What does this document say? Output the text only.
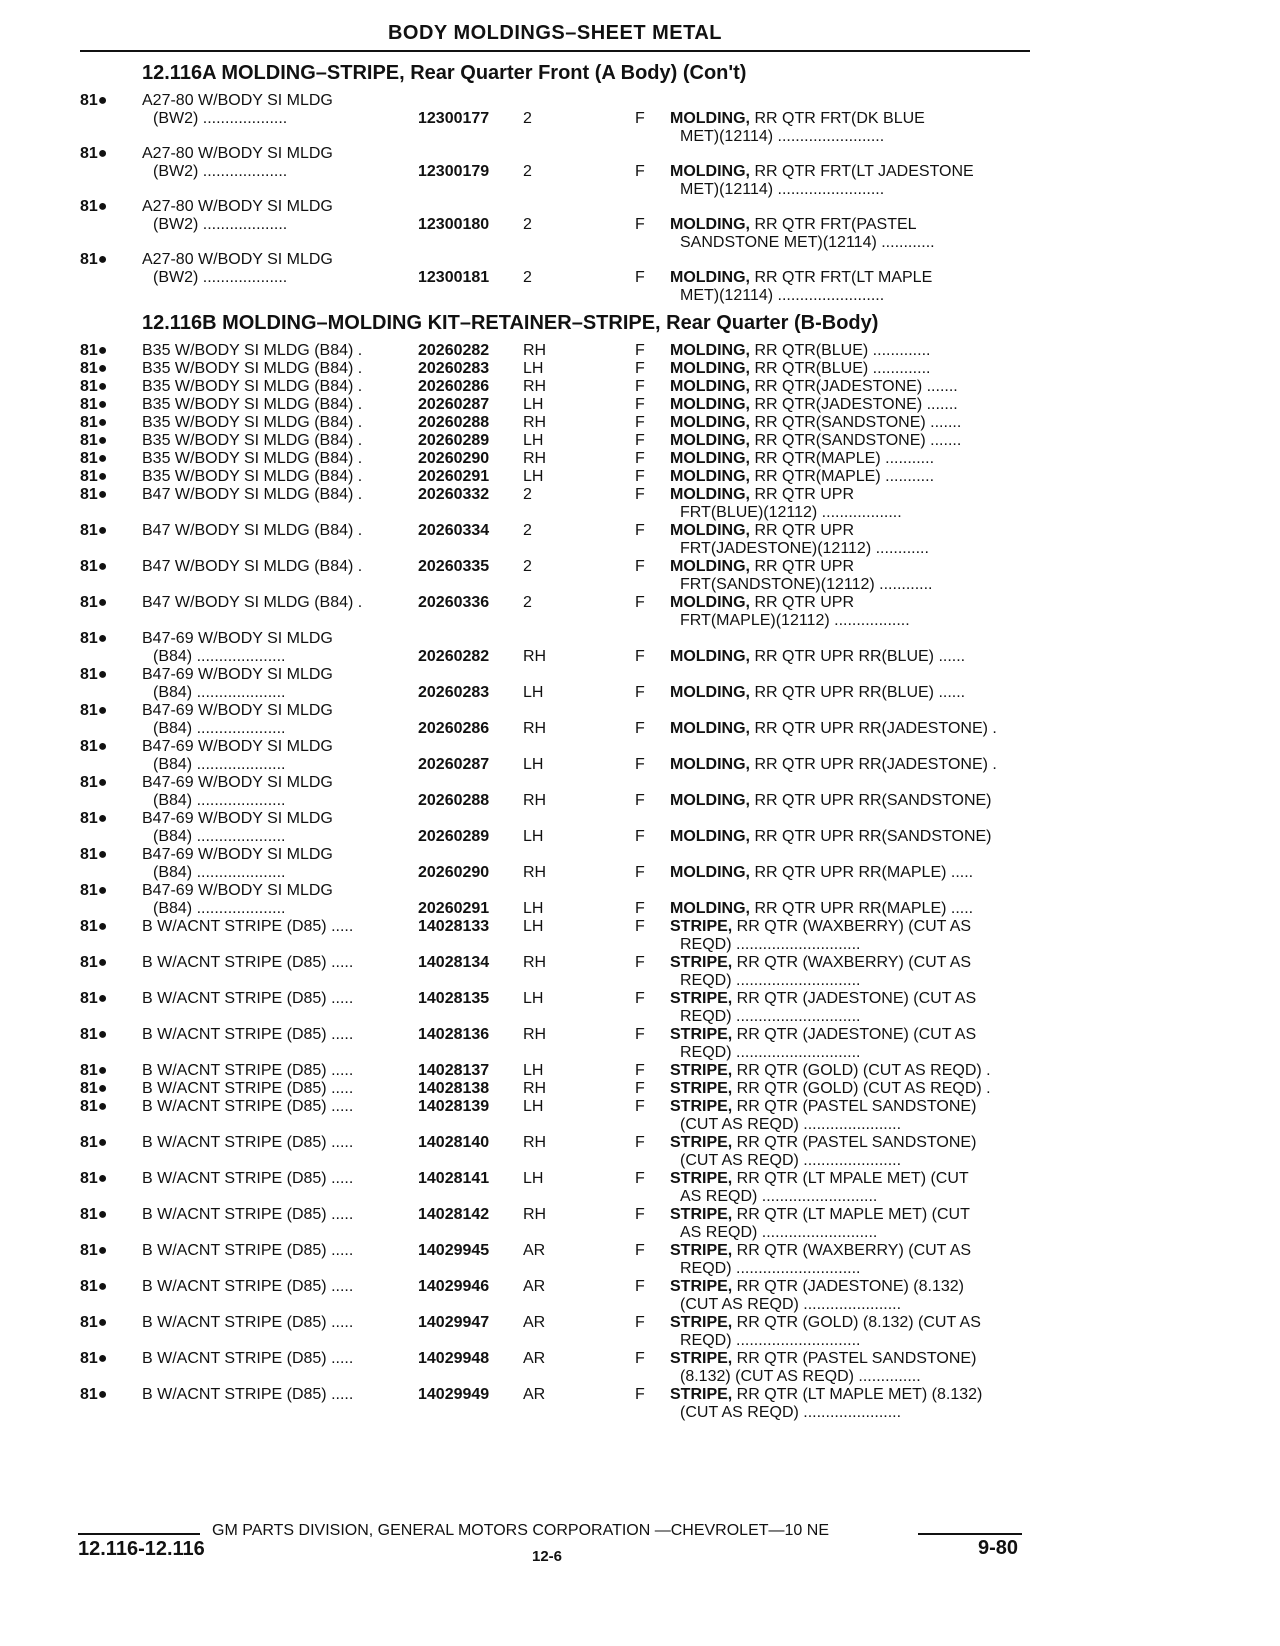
BODY MOLDINGS–SHEET METAL
12.116A MOLDING–STRIPE, Rear Quarter Front (A Body) (Con't)
81● A27-80 W/BODY SI MLDG
(BW2) ...................	12300177 2	F MOLDING, RR QTR FRT(DK BLUE
MET)(12114) ........................
81● A27-80 W/BODY SI MLDG
(BW2) ...................	12300179 2	F MOLDING, RR QTR FRT(LT JADESTONE
MET)(12114) ........................
81● A27-80 W/BODY SI MLDG
(BW2) ...................	12300180 2	F MOLDING, RR QTR FRT(PASTEL
SANDSTONE MET)(12114) ............
81● A27-80 W/BODY SI MLDG
(BW2) ...................	12300181 2	F MOLDING, RR QTR FRT(LT MAPLE
MET)(12114) ........................
12.116B MOLDING–MOLDING KIT–RETAINER–STRIPE, Rear Quarter (B-Body)
81● B35 W/BODY SI MLDG (B84) .	20260282 RH	F MOLDING, RR QTR(BLUE) .............
81● B35 W/BODY SI MLDG (B84) .	20260283 LH	F MOLDING, RR QTR(BLUE) .............
81● B35 W/BODY SI MLDG (B84) .	20260286 RH	F MOLDING, RR QTR(JADESTONE) .......
81● B35 W/BODY SI MLDG (B84) .	20260287 LH	F MOLDING, RR QTR(JADESTONE) .......
81● B35 W/BODY SI MLDG (B84) .	20260288 RH	F MOLDING, RR QTR(SANDSTONE) .......
81● B35 W/BODY SI MLDG (B84) .	20260289 LH	F MOLDING, RR QTR(SANDSTONE) .......
81● B35 W/BODY SI MLDG (B84) .	20260290 RH	F MOLDING, RR QTR(MAPLE) ...........
81● B35 W/BODY SI MLDG (B84) .	20260291 LH	F MOLDING, RR QTR(MAPLE) ...........
81● B47 W/BODY SI MLDG (B84) .	20260332 2	F MOLDING, RR QTR UPR
FRT(BLUE)(12112) ..................
81● B47 W/BODY SI MLDG (B84) .	20260334 2	F MOLDING, RR QTR UPR
FRT(JADESTONE)(12112) ............
81● B47 W/BODY SI MLDG (B84) .	20260335 2	F MOLDING, RR QTR UPR
FRT(SANDSTONE)(12112) ............
81● B47 W/BODY SI MLDG (B84) .	20260336 2	F MOLDING, RR QTR UPR
FRT(MAPLE)(12112) .................
81● B47-69 W/BODY SI MLDG
(B84) ....................	20260282 RH	F MOLDING, RR QTR UPR RR(BLUE) ......
81● B47-69 W/BODY SI MLDG
(B84) ....................	20260283 LH	F MOLDING, RR QTR UPR RR(BLUE) ......
81● B47-69 W/BODY SI MLDG
(B84) ....................	20260286 RH	F MOLDING, RR QTR UPR RR(JADESTONE) .
81● B47-69 W/BODY SI MLDG
(B84) ....................	20260287 LH	F MOLDING, RR QTR UPR RR(JADESTONE) .
81● B47-69 W/BODY SI MLDG
(B84) ....................	20260288 RH	F MOLDING, RR QTR UPR RR(SANDSTONE)
81● B47-69 W/BODY SI MLDG
(B84) ....................	20260289 LH	F MOLDING, RR QTR UPR RR(SANDSTONE)
81● B47-69 W/BODY SI MLDG
(B84) ....................	20260290 RH	F MOLDING, RR QTR UPR RR(MAPLE) .....
81● B47-69 W/BODY SI MLDG
(B84) ....................	20260291 LH	F MOLDING, RR QTR UPR RR(MAPLE) .....
81● B W/ACNT STRIPE (D85) .....	14028133 LH	F STRIPE, RR QTR (WAXBERRY) (CUT AS
REQD) ............................
81● B W/ACNT STRIPE (D85) .....	14028134 RH	F STRIPE, RR QTR (WAXBERRY) (CUT AS
REQD) ............................
81● B W/ACNT STRIPE (D85) .....	14028135 LH	F STRIPE, RR QTR (JADESTONE) (CUT AS
REQD) ............................
81● B W/ACNT STRIPE (D85) .....	14028136 RH	F STRIPE, RR QTR (JADESTONE) (CUT AS
REQD) ............................
81● B W/ACNT STRIPE (D85) .....	14028137 LH	F STRIPE, RR QTR (GOLD) (CUT AS REQD) .
81● B W/ACNT STRIPE (D85) .....	14028138 RH	F STRIPE, RR QTR (GOLD) (CUT AS REQD) .
81● B W/ACNT STRIPE (D85) .....	14028139 LH	F STRIPE, RR QTR (PASTEL SANDSTONE)
(CUT AS REQD) ......................
81● B W/ACNT STRIPE (D85) .....	14028140 RH	F STRIPE, RR QTR (PASTEL SANDSTONE)
(CUT AS REQD) ......................
81● B W/ACNT STRIPE (D85) .....	14028141 LH	F STRIPE, RR QTR (LT MPALE MET) (CUT
AS REQD) ..........................
81● B W/ACNT STRIPE (D85) .....	14028142 RH	F STRIPE, RR QTR (LT MAPLE MET) (CUT
AS REQD) ..........................
81● B W/ACNT STRIPE (D85) .....	14029945 AR	F STRIPE, RR QTR (WAXBERRY) (CUT AS
REQD) ............................
81● B W/ACNT STRIPE (D85) .....	14029946 AR	F STRIPE, RR QTR (JADESTONE) (8.132)
(CUT AS REQD) ......................
81● B W/ACNT STRIPE (D85) .....	14029947 AR	F STRIPE, RR QTR (GOLD) (8.132) (CUT AS
REQD) ............................
81● B W/ACNT STRIPE (D85) .....	14029948 AR	F STRIPE, RR QTR (PASTEL SANDSTONE)
(8.132) (CUT AS REQD) ..............
81● B W/ACNT STRIPE (D85) .....	14029949 AR	F STRIPE, RR QTR (LT MAPLE MET) (8.132)
(CUT AS REQD) ......................
GM PARTS DIVISION, GENERAL MOTORS CORPORATION —CHEVROLET—10 NE
12.116-12.116	12-6	9-80
